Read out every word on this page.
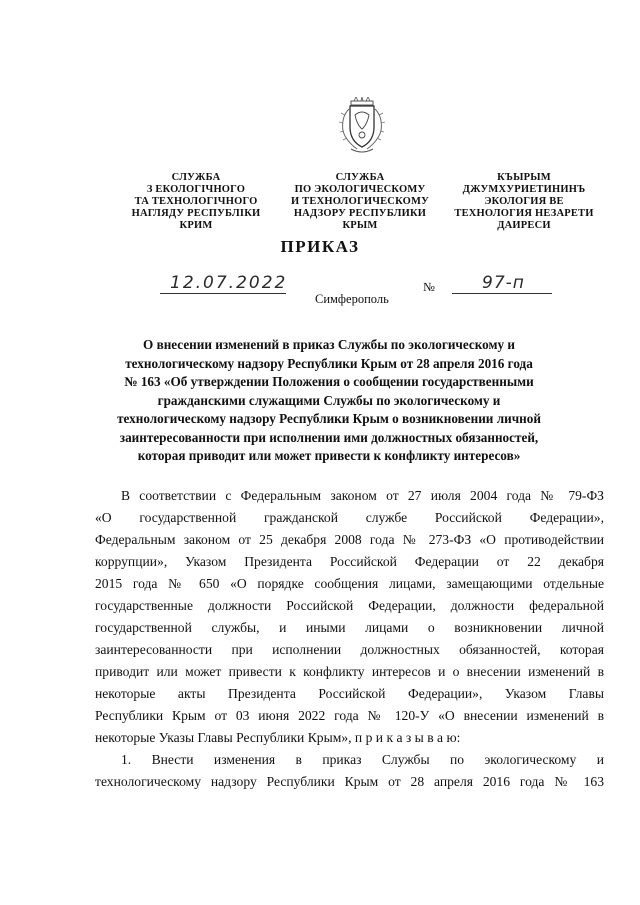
СЛУЖБА
З ЕКОЛОГІЧНОГО
ТА ТЕХНОЛОГІЧНОГО
НАГЛЯДУ РЕСПУБЛІКИ
КРИМ
СЛУЖБА
ПО ЭКОЛОГИЧЕСКОМУ
И ТЕХНОЛОГИЧЕСКОМУ
НАДЗОРУ РЕСПУБЛИКИ
КРЫМ
КЪЫРЫМ
ДЖУМХУРИЕТИНИНЪ
ЭКОЛОГИЯ ВЕ
ТЕХНОЛОГИЯ НЕЗАРЕТИ
ДАИРЕСИ
ПРИКАЗ
12.07.2022	№	97-п
Симферополь
О внесении изменений в приказ Службы по экологическому и
технологическому надзору Республики Крым от 28 апреля 2016 года
№ 163 «Об утверждении Положения о сообщении государственными
гражданскими служащими Службы по экологическому и
технологическому надзору Республики Крым о возникновении личной
заинтересованности при исполнении ими должностных обязанностей,
которая приводит или может привести к конфликту интересов»
В соответствии с Федеральным законом от 27 июля 2004 года № 79-ФЗ
«О государственной гражданской службе Российской Федерации»,
Федеральным законом от 25 декабря 2008 года № 273-ФЗ «О противодействии
коррупции», Указом Президента Российской Федерации от 22 декабря
2015 года № 650 «О порядке сообщения лицами, замещающими отдельные
государственные должности Российской Федерации, должности федеральной
государственной службы, и иными лицами о возникновении личной
заинтересованности при исполнении должностных обязанностей, которая
приводит или может привести к конфликту интересов и о внесении изменений в
некоторые акты Президента Российской Федерации», Указом Главы
Республики Крым от 03 июня 2022 года № 120-У «О внесении изменений в
некоторые Указы Главы Республики Крым», п р и к а з ы в а ю:
1. Внести изменения в приказ Службы по экологическому и
технологическому надзору Республики Крым от 28 апреля 2016 года № 163
